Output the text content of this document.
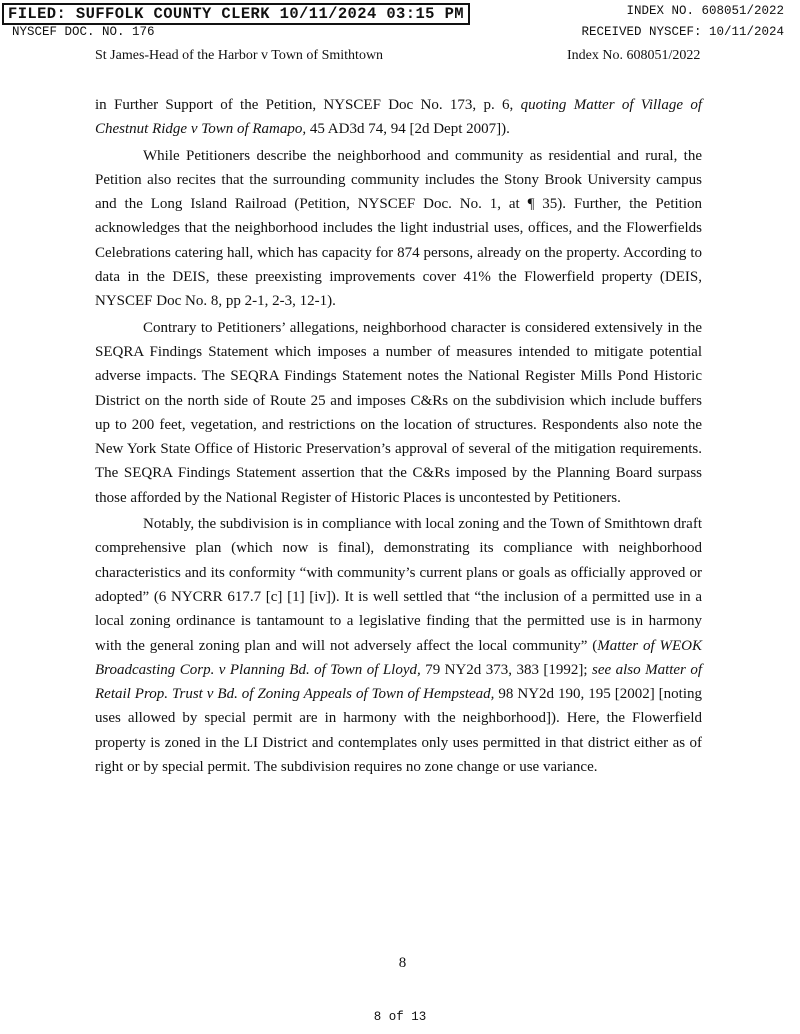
FILED: SUFFOLK COUNTY CLERK 10/11/2024 03:15 PM	INDEX NO. 608051/2022
NYSCEF DOC. NO. 176	RECEIVED NYSCEF: 10/11/2024
St James-Head of the Harbor v Town of Smithtown	Index No. 608051/2022

in Further Support of the Petition, NYSCEF Doc No. 173, p. 6, quoting Matter of Village of Chestnut Ridge v Town of Ramapo, 45 AD3d 74, 94 [2d Dept 2007]).

While Petitioners describe the neighborhood and community as residential and rural, the Petition also recites that the surrounding community includes the Stony Brook University campus and the Long Island Railroad (Petition, NYSCEF Doc. No. 1, at ¶ 35). Further, the Petition acknowledges that the neighborhood includes the light industrial uses, offices, and the Flowerfields Celebrations catering hall, which has capacity for 874 persons, already on the property. According to data in the DEIS, these preexisting improvements cover 41% the Flowerfield property (DEIS, NYSCEF Doc No. 8, pp 2-1, 2-3, 12-1).

Contrary to Petitioners’ allegations, neighborhood character is considered extensively in the SEQRA Findings Statement which imposes a number of measures intended to mitigate potential adverse impacts. The SEQRA Findings Statement notes the National Register Mills Pond Historic District on the north side of Route 25 and imposes C&Rs on the subdivision which include buffers up to 200 feet, vegetation, and restrictions on the location of structures. Respondents also note the New York State Office of Historic Preservation’s approval of several of the mitigation requirements. The SEQRA Findings Statement assertion that the C&Rs imposed by the Planning Board surpass those afforded by the National Register of Historic Places is uncontested by Petitioners.

Notably, the subdivision is in compliance with local zoning and the Town of Smithtown draft comprehensive plan (which now is final), demonstrating its compliance with neighborhood characteristics and its conformity “with community’s current plans or goals as officially approved or adopted” (6 NYCRR 617.7 [c] [1] [iv]). It is well settled that “the inclusion of a permitted use in a local zoning ordinance is tantamount to a legislative finding that the permitted use is in harmony with the general zoning plan and will not adversely affect the local community” (Matter of WEOK Broadcasting Corp. v Planning Bd. of Town of Lloyd, 79 NY2d 373, 383 [1992]; see also Matter of Retail Prop. Trust v Bd. of Zoning Appeals of Town of Hempstead, 98 NY2d 190, 195 [2002] [noting uses allowed by special permit are in harmony with the neighborhood]). Here, the Flowerfield property is zoned in the LI District and contemplates only uses permitted in that district either as of right or by special permit. The subdivision requires no zone change or use variance.

8
8 of 13
